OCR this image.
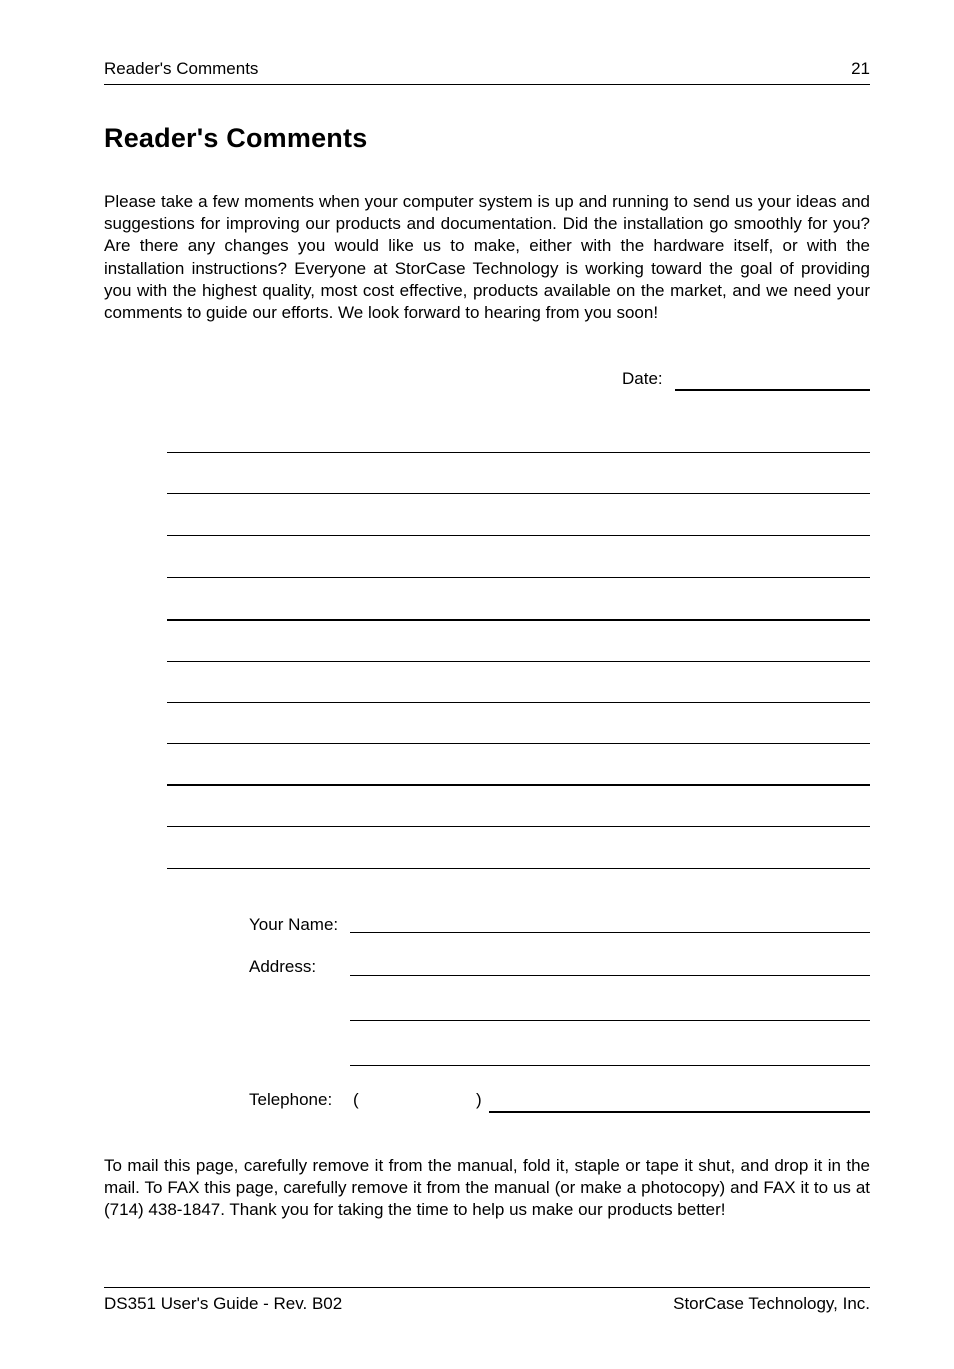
Reader's Comments	21
Reader's Comments
Please take a few moments when your computer system is up and running to send us your ideas and suggestions for improving our products and documentation. Did the installation go smoothly for you? Are there any changes you would like us to make, either with the hardware itself, or with the installation instructions? Everyone at StorCase Technology is working toward the goal of providing you with the highest quality, most cost effective, products available on the market, and we need your comments to guide our efforts. We look forward to hearing from you soon!
Date:
Your Name:
Address:
Telephone: (	)
To mail this page, carefully remove it from the manual, fold it, staple or tape it shut, and drop it in the mail. To FAX this page, carefully remove it from the manual (or make a photocopy) and FAX it to us at (714) 438-1847. Thank you for taking the time to help us make our products better!
DS351 User's Guide - Rev. B02	StorCase Technology, Inc.
